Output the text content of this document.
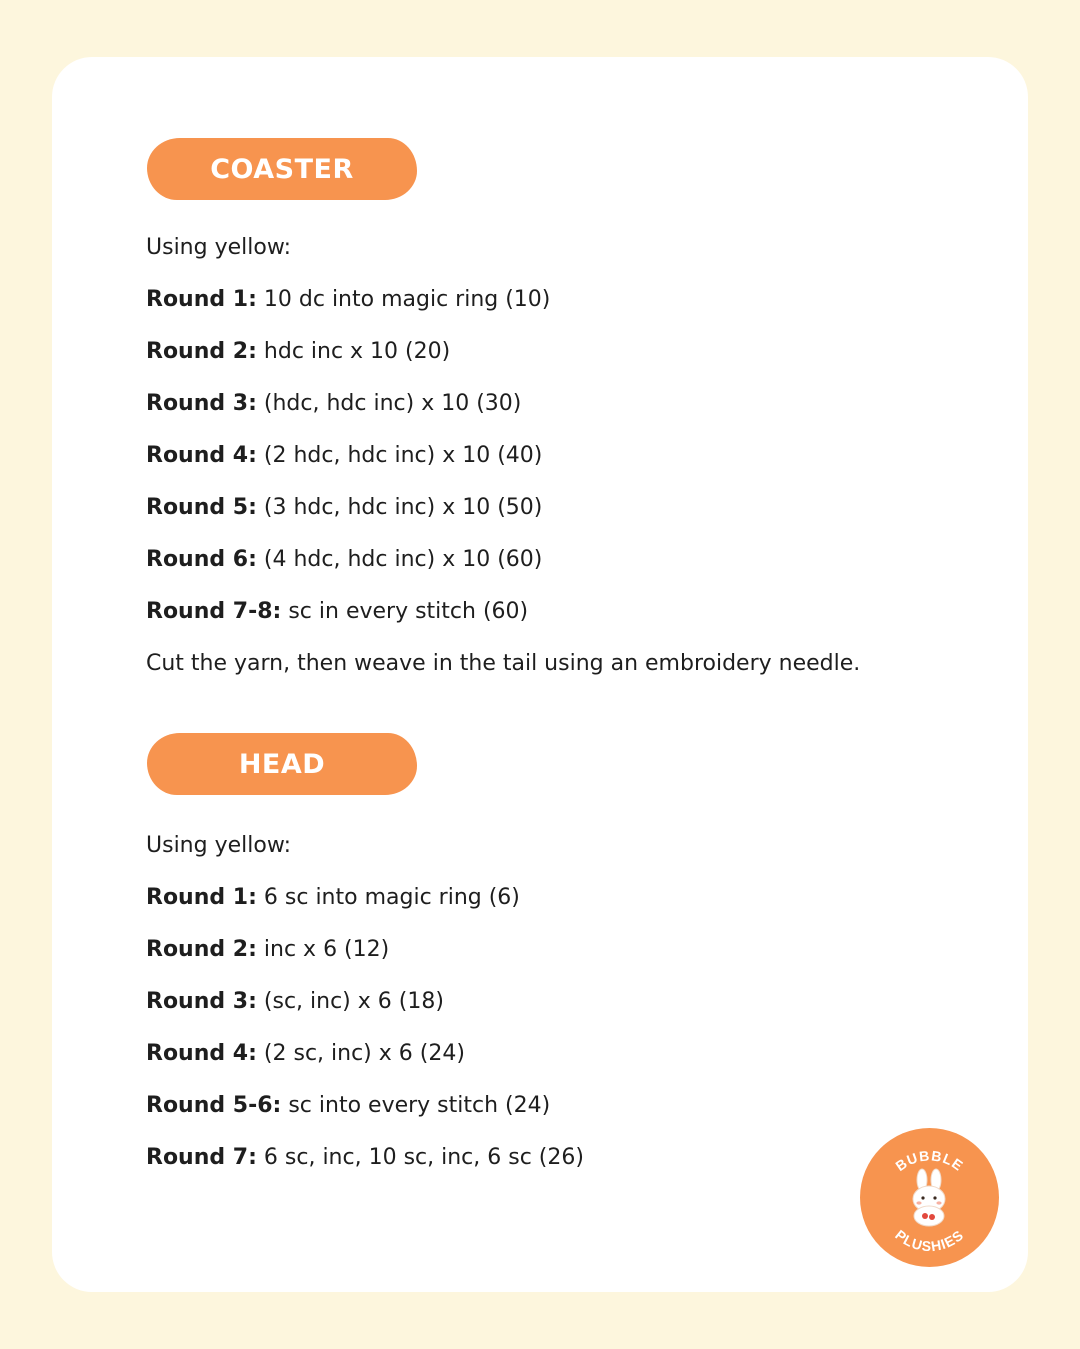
COASTER
Using yellow:
Round 1: 10 dc into magic ring (10)
Round 2: hdc inc x 10 (20)
Round 3: (hdc, hdc inc) x 10 (30)
Round 4: (2 hdc, hdc inc) x 10 (40)
Round 5: (3 hdc, hdc inc) x 10 (50)
Round 6: (4 hdc, hdc inc) x 10 (60)
Round 7-8: sc in every stitch (60)
Cut the yarn, then weave in the tail using an embroidery needle.
HEAD
Using yellow:
Round 1: 6 sc into magic ring (6)
Round 2: inc x 6 (12)
Round 3: (sc, inc) x 6 (18)
Round 4: (2 sc, inc) x 6 (24)
Round 5-6: sc into every stitch (24)
Round 7: 6 sc, inc, 10 sc, inc, 6 sc (26)	BUBBLE
PLUSHIES
